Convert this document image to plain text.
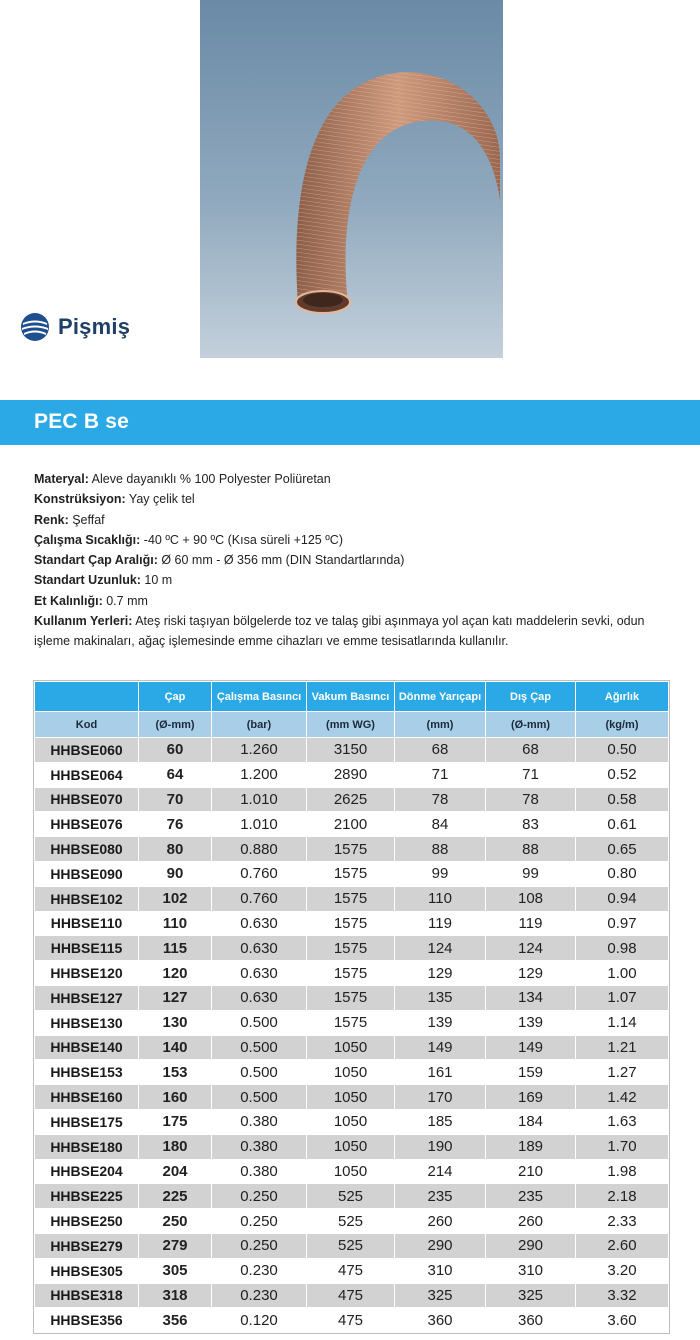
Pişmiş
PEC B se
Materyal: Aleve dayanıklı % 100 Polyester Poliüretan
Konstrüksiyon: Yay çelik tel
Renk: Şeffaf
Çalışma Sıcaklığı: -40 ºC + 90 ºC (Kısa süreli +125 ºC)
Standart Çap Aralığı: Ø 60 mm - Ø 356 mm (DIN Standartlarında)
Standart Uzunluk: 10 m
Et Kalınlığı: 0.7 mm
Kullanım Yerleri: Ateş riski taşıyan bölgelerde toz ve talaş gibi aşınmaya yol açan katı maddelerin sevki, odun işleme makinaları, ağaç işlemesinde emme cihazları ve emme tesisatlarında kullanılır.
	Çap	Çalışma Basıncı	Vakum Basıncı	Dönme Yarıçapı	Dış Çap	Ağırlık
Kod	(Ø-mm)	(bar)	(mm WG)	(mm)	(Ø-mm)	(kg/m)
HHBSE060	60	1.260	3150	68	68	0.50
HHBSE064	64	1.200	2890	71	71	0.52
HHBSE070	70	1.010	2625	78	78	0.58
HHBSE076	76	1.010	2100	84	83	0.61
HHBSE080	80	0.880	1575	88	88	0.65
HHBSE090	90	0.760	1575	99	99	0.80
HHBSE102	102	0.760	1575	110	108	0.94
HHBSE110	110	0.630	1575	119	119	0.97
HHBSE115	115	0.630	1575	124	124	0.98
HHBSE120	120	0.630	1575	129	129	1.00
HHBSE127	127	0.630	1575	135	134	1.07
HHBSE130	130	0.500	1575	139	139	1.14
HHBSE140	140	0.500	1050	149	149	1.21
HHBSE153	153	0.500	1050	161	159	1.27
HHBSE160	160	0.500	1050	170	169	1.42
HHBSE175	175	0.380	1050	185	184	1.63
HHBSE180	180	0.380	1050	190	189	1.70
HHBSE204	204	0.380	1050	214	210	1.98
HHBSE225	225	0.250	525	235	235	2.18
HHBSE250	250	0.250	525	260	260	2.33
HHBSE279	279	0.250	525	290	290	2.60
HHBSE305	305	0.230	475	310	310	3.20
HHBSE318	318	0.230	475	325	325	3.32
HHBSE356	356	0.120	475	360	360	3.60
